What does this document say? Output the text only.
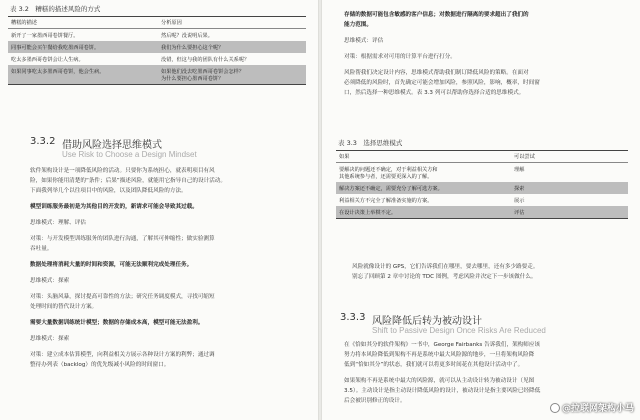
表 3.2　糟糕的描述风险的方式
糟糕的描述	分析原因
新开了一家墨西哥卷饼餐厅。	然后呢？没说明后果。

同事可能会买午餐给我吃墨西哥卷饼。	我们为什么要担心这个呢？

吃太多墨西哥卷饼会让人生病。	没错，但这与我的团队有什么关系呢？

如果同事吃太多墨西哥卷饼，他会生病。	如果他们没去吃墨西哥卷饼会怎样？
为什么要担心墨西哥卷饼？
3.3.2 借助风险选择思维模式
Use Risk to Choose a Design Mindset
软件架构设计是一项降低风险的活动。只要你为系统担心，就表明项目有风
险，如果你能用清楚的“条件；后果”描述风险，就能用它指导自己的设计活动。
下面我列举几个以往项目中的风险，以及团队降低风险的方法。
模型训练服务最初是为其他目的开发的，新请求可能会导致其过载。
思维模式：理解、评估
对策：与开发模型训练服务的团队进行沟通，了解其可伸缩性；做实验测算
吞吐量。
数据处理将消耗大量的时间和资源，可能无法顺利完成处理任务。
思维模式：探索
对策：头脑风暴，探讨提高可靠性的方法；研究任务调度模式，寻找可缩短
处理时间的替代设计方案。
需要大量数据训练统计模型；数据的存储成本高，模型可能无法盈利。
思维模式：探索
对策：建立成本估算模型，向利益相关方展示各种设计方案的利弊；通过调
整待办列表（backlog）的优先级减小风险的时间窗口。
存储的数据可能包含敏感的客户信息；对数据进行隔离的要求超出了我们的
能力范围。
思维模式：评估
对策：根据需求对可用的计算平台进行打分。
风险帮我们决定设计内容，思维模式帮助我们制订降低风险的策略。在面对
必须降低的风险时，首先确定可能会增加风险，参照风险，影响，概率，时间窗
口，然后选择一种思维模式。表 3.3 列可以帮助你选择合适的思维模式。
表 3.3　选择思维模式
如果	可以尝试

要解决的问题还不确定，对于利益相关方和
其他系统参与者，还需要更深入的了解。	理解

解决方案还不确定，需要充分了解可选方案。	探索

利益相关方不完全了解准备实施的方案。	展示

在设计决策上举棋不定。	评估
风险就像设计的 GPS，它们告诉我们在哪里，要去哪里，还有多少路要走。
别忘了回顾第 2 章中讨论的 TDC 图例，考虑风险并决定下一步该做什么。
3.3.3 风险降低后转为被动设计
Shift to Passive Design Once Risks Are Reduced
在《恰如其分的软件架构》一书中，George Fairbanks 告诉我们，架构师应该
努力将本风险降低到架构不再是系统中最大风险源的地步，一旦将架构风险降
低到“恰如其分”的状态，我们就可以将更多时间花在其他设计活动中了。
如果架构不再是系统中最大的风险源，就可以从主动设计转为被动设计（见图
3.5）。主动设计是指主动设计降低风险的设计，被动设计是指主要风险已经降低
后会被识别修正的设计。
@拉联网架构小马
